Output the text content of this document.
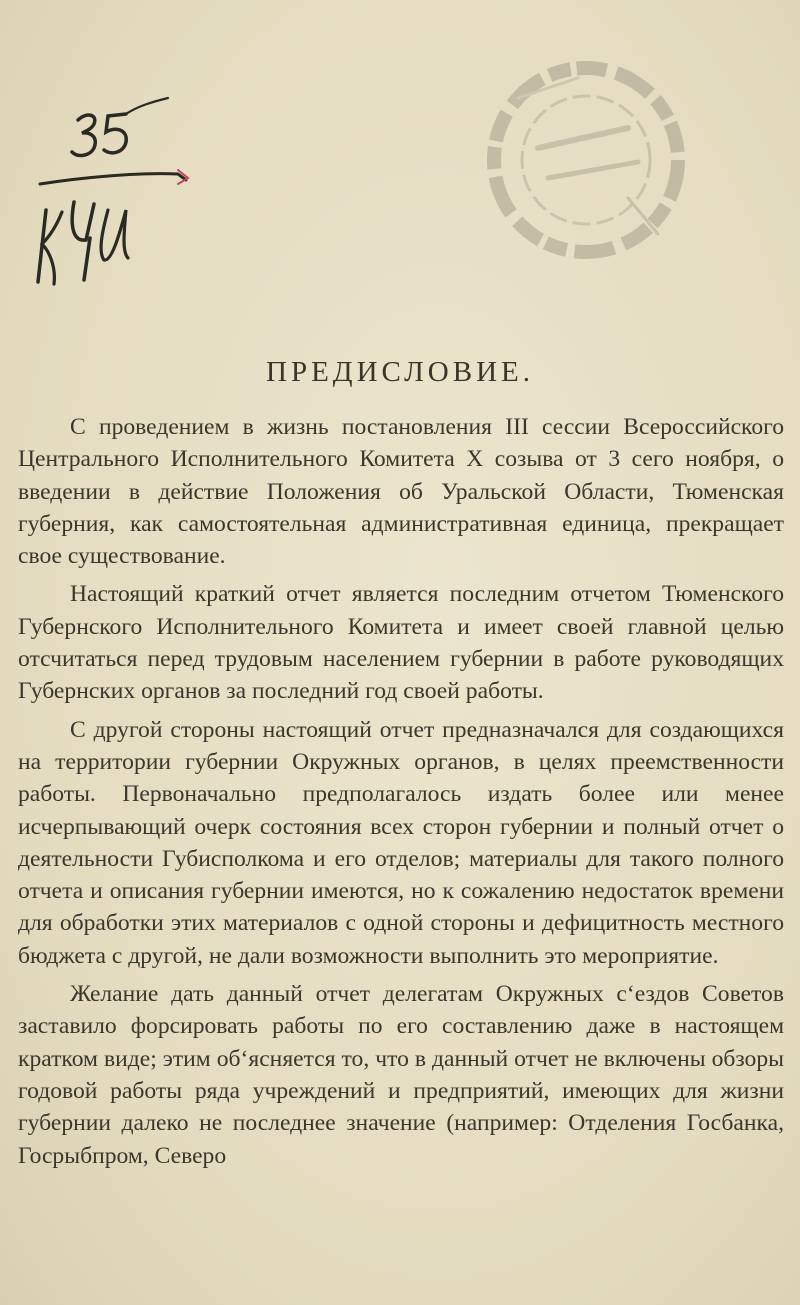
ПРЕДИСЛОВИЕ.

С проведением в жизнь постановления III сессии Всероссийского Центрального Исполнительного Комитета X созыва от 3 сего ноября, о введении в действие Положения об Уральской Области, Тюменская губерния, как самостоятельная административная единица, прекращает свое существование.

Настоящий краткий отчет является последним отчетом Тюменского Губернского Исполнительного Комитета и имеет своей главной целью отсчитаться перед трудовым населением губернии в работе руководящих Губернских органов за последний год своей работы.

С другой стороны настоящий отчет предназначался для создающихся на территории губернии Окружных органов, в целях преемственности работы. Первоначально предполагалось издать более или менее исчерпывающий очерк состояния всех сторон губернии и полный отчет о деятельности Губисполкома и его отделов; материалы для такого полного отчета и описания губернии имеются, но к сожалению недостаток времени для обработки этих материалов с одной стороны и дефицитность местного бюджета с другой, не дали возможности выполнить это мероприятие.

Желание дать данный отчет делегатам Окружных с‘ездов Советов заставило форсировать работы по его составлению даже в настоящем кратком виде; этим об‘ясняется то, что в данный отчет не включены обзоры годовой работы ряда учреждений и предприятий, имеющих для жизни губернии далеко не последнее значение (например: Отделения Госбанка, Госрыбпром, Северо
